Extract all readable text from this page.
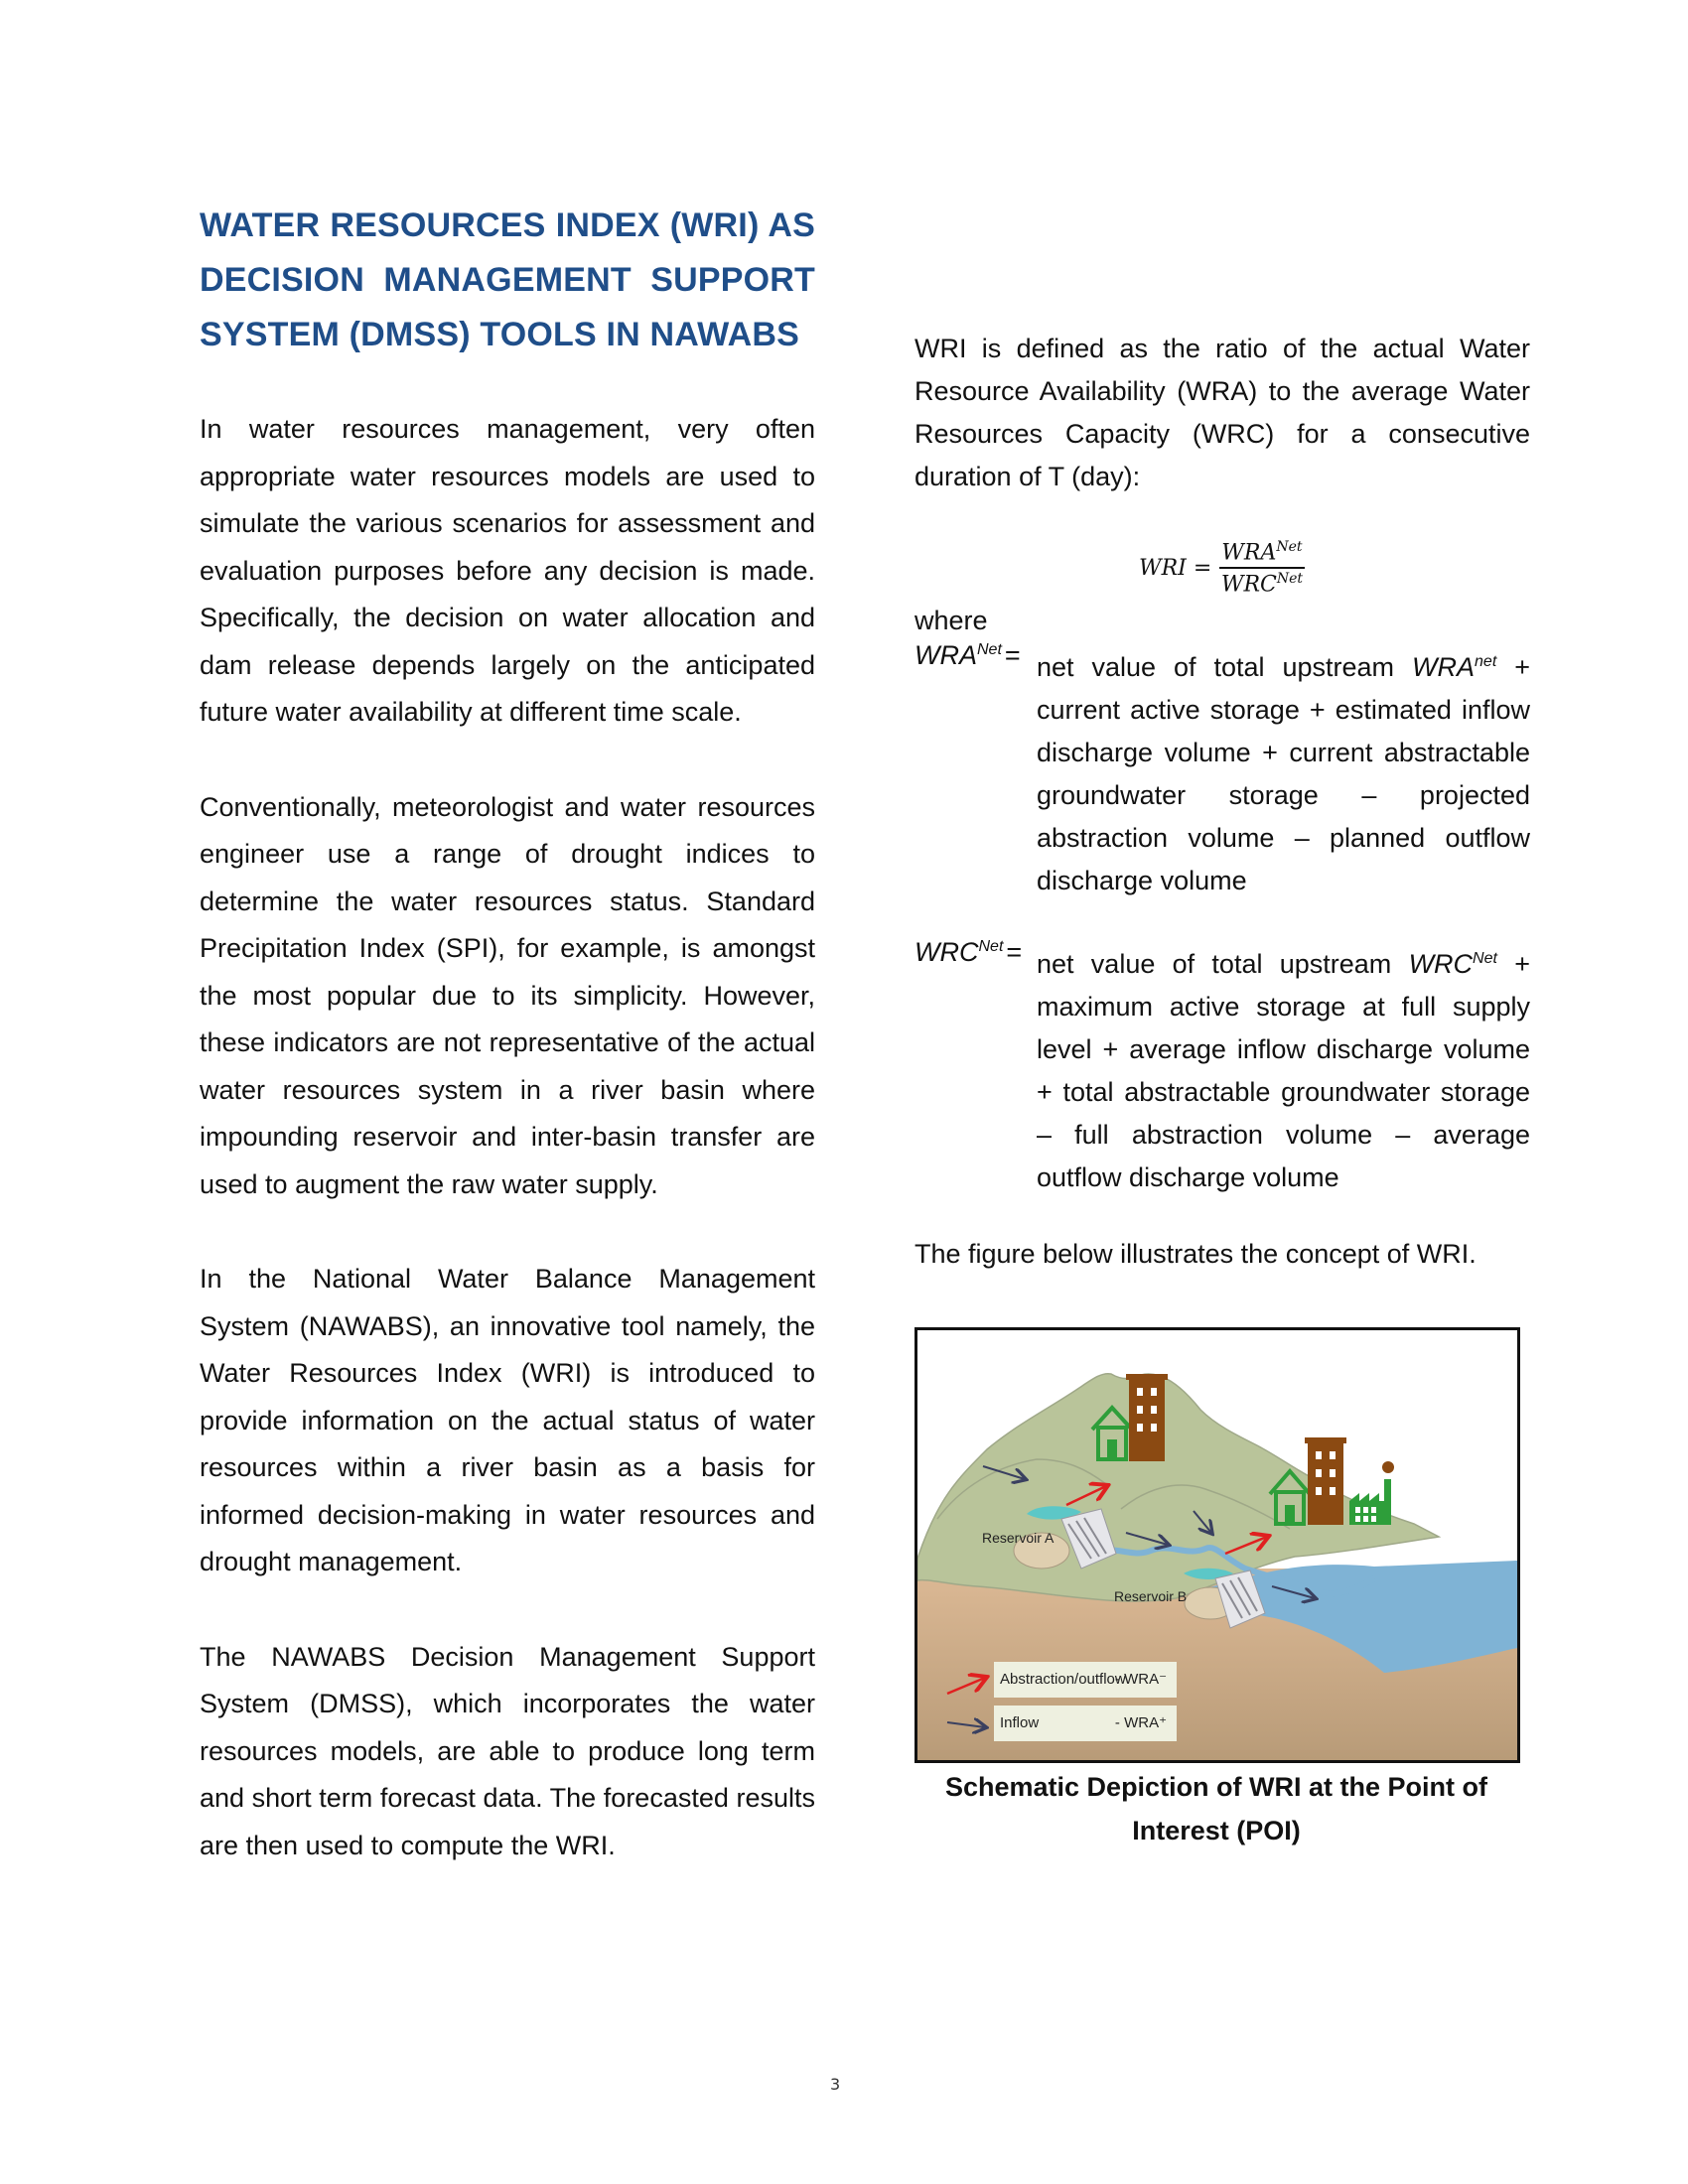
WATER RESOURCES INDEX (WRI) AS
DECISION MANAGEMENT SUPPORT
SYSTEM (DMSS) TOOLS IN NAWABS

In water resources management, very often appropriate water resources models are used to simulate the various scenarios for assessment and evaluation purposes before any decision is made. Specifically, the decision on water allocation and dam release depends largely on the anticipated future water availability at different time scale.

Conventionally, meteorologist and water resources engineer use a range of drought indices to determine the water resources status. Standard Precipitation Index (SPI), for example, is amongst the most popular due to its simplicity. However, these indicators are not representative of the actual water resources system in a river basin where impounding reservoir and inter-basin transfer are used to augment the raw water supply.

In the National Water Balance Management System (NAWABS), an innovative tool namely, the Water Resources Index (WRI) is introduced to provide information on the actual status of water resources within a river basin as a basis for informed decision-making in water resources and drought management.

The NAWABS Decision Management Support System (DMSS), which incorporates the water resources models, are able to produce long term and short term forecast data. The forecasted results are then used to compute the WRI.

WRI is defined as the ratio of the actual Water Resource Availability (WRA) to the average Water Resources Capacity (WRC) for a consecutive duration of T (day):

WRI = $\frac{WRA^{Net}}{WRC^{Net}}$
where
$WRA^{Net}$ = net value of total upstream $WRA^{net}$ + current active storage + estimated inflow discharge volume + current abstractable groundwater storage – projected abstraction volume – planned outflow discharge volume
$WRC^{Net}$ = net value of total upstream $WRC^{Net}$ + maximum active storage at full supply level + average inflow discharge volume + total abstractable groundwater storage – full abstraction volume – average outflow discharge volume
The figure below illustrates the concept of WRI.
Reservoir A
Reservoir B
Abstraction/outflow
- WRA⁻
Inflow	- WRA⁺
Schematic Depiction of WRI at the Point of Interest (POI)
3
